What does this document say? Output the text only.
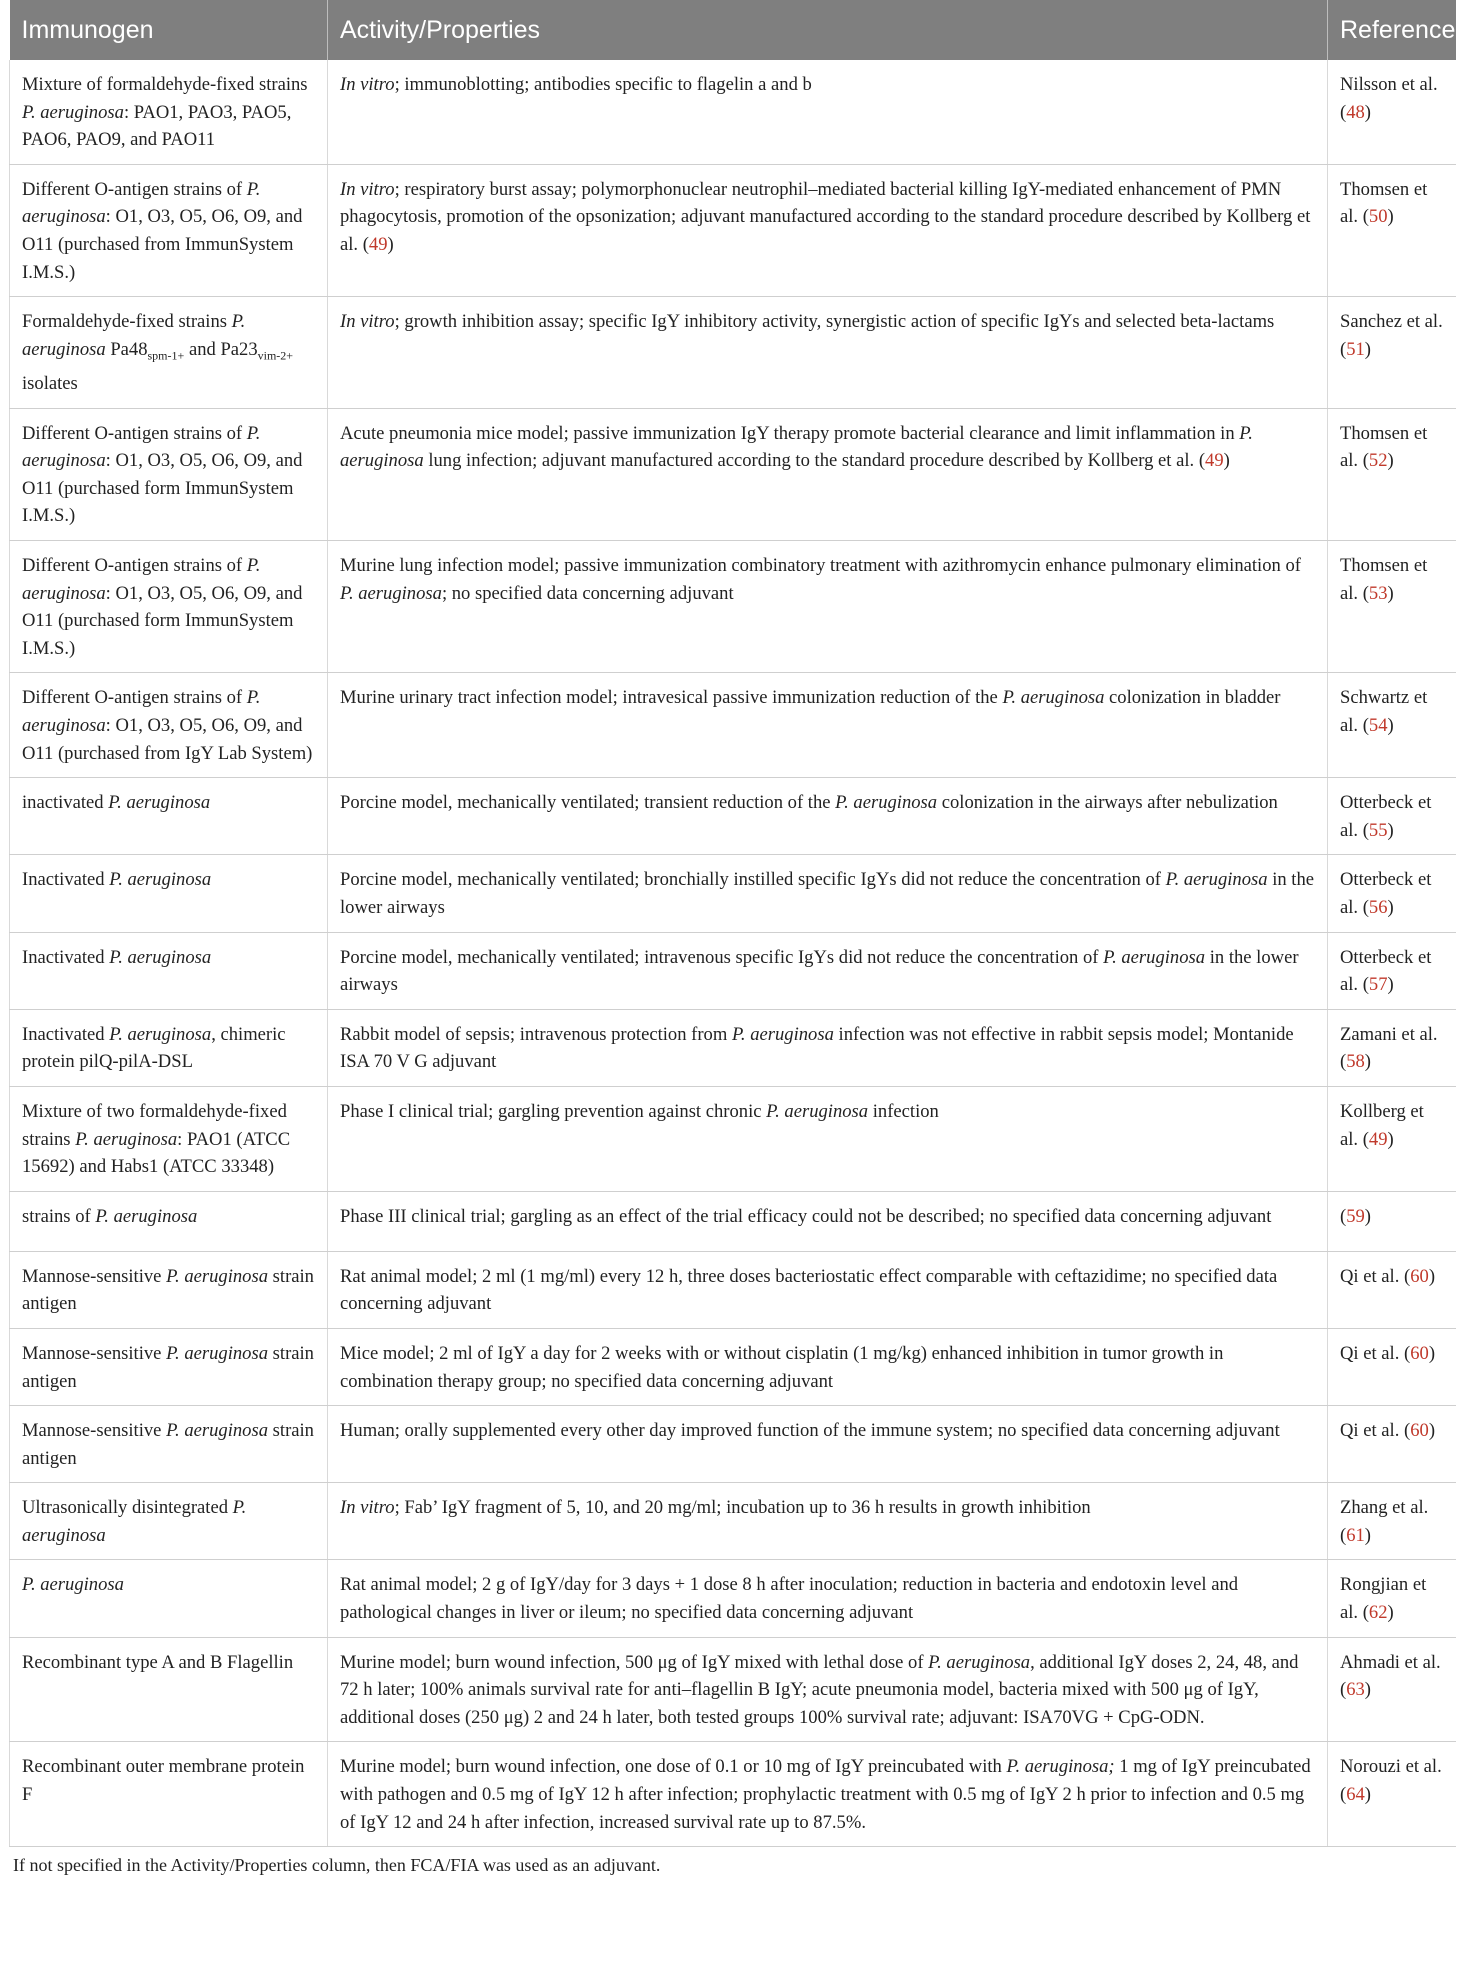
Immunogen	Activity/Properties	Reference
Mixture of formaldehyde-fixed strains P. aeruginosa: PAO1, PAO3, PAO5, PAO6, PAO9, and PAO11	In vitro; immunoblotting; antibodies specific to flagelin a and b	Nilsson et al. (48)
Different O-antigen strains of P. aeruginosa: O1, O3, O5, O6, O9, and O11 (purchased from ImmunSystem I.M.S.)	In vitro; respiratory burst assay; polymorphonuclear neutrophil–mediated bacterial killing IgY-mediated enhancement of PMN phagocytosis, promotion of the opsonization; adjuvant manufactured according to the standard procedure described by Kollberg et al. (49)	Thomsen et al. (50)
Formaldehyde-fixed strains P. aeruginosa $Pa48_{spm-1+}$ and $Pa23_{vim-2+}$ isolates	In vitro; growth inhibition assay; specific IgY inhibitory activity, synergistic action of specific IgYs and selected beta-lactams	Sanchez et al. (51)
Different O-antigen strains of P. aeruginosa: O1, O3, O5, O6, O9, and O11 (purchased form ImmunSystem I.M.S.)	Acute pneumonia mice model; passive immunization IgY therapy promote bacterial clearance and limit inflammation in P. aeruginosa lung infection; adjuvant manufactured according to the standard procedure described by Kollberg et al. (49)	Thomsen et al. (52)
Different O-antigen strains of P. aeruginosa: O1, O3, O5, O6, O9, and O11 (purchased form ImmunSystem I.M.S.)	Murine lung infection model; passive immunization combinatory treatment with azithromycin enhance pulmonary elimination of P. aeruginosa; no specified data concerning adjuvant	Thomsen et al. (53)
Different O-antigen strains of P. aeruginosa: O1, O3, O5, O6, O9, and O11 (purchased from IgY Lab System)	Murine urinary tract infection model; intravesical passive immunization reduction of the P. aeruginosa colonization in bladder	Schwartz et al. (54)
inactivated P. aeruginosa	Porcine model, mechanically ventilated; transient reduction of the P. aeruginosa colonization in the airways after nebulization	Otterbeck et al. (55)
Inactivated P. aeruginosa	Porcine model, mechanically ventilated; bronchially instilled specific IgYs did not reduce the concentration of P. aeruginosa in the lower airways	Otterbeck et al. (56)
Inactivated P. aeruginosa	Porcine model, mechanically ventilated; intravenous specific IgYs did not reduce the concentration of P. aeruginosa in the lower airways	Otterbeck et al. (57)
Inactivated P. aeruginosa, chimeric protein pilQ-pilA-DSL	Rabbit model of sepsis; intravenous protection from P. aeruginosa infection was not effective in rabbit sepsis model; Montanide ISA 70 V G adjuvant	Zamani et al. (58)
Mixture of two formaldehyde-fixed strains P. aeruginosa: PAO1 (ATCC 15692) and Habs1 (ATCC 33348)	Phase I clinical trial; gargling prevention against chronic P. aeruginosa infection	Kollberg et al. (49)
strains of P. aeruginosa	Phase III clinical trial; gargling as an effect of the trial efficacy could not be described; no specified data concerning adjuvant	(59)
Mannose-sensitive P. aeruginosa strain antigen	Rat animal model; 2 ml (1 mg/ml) every 12 h, three doses bacteriostatic effect comparable with ceftazidime; no specified data concerning adjuvant	Qi et al. (60)
Mannose-sensitive P. aeruginosa strain antigen	Mice model; 2 ml of IgY a day for 2 weeks with or without cisplatin (1 mg/kg) enhanced inhibition in tumor growth in combination therapy group; no specified data concerning adjuvant	Qi et al. (60)
Mannose-sensitive P. aeruginosa strain antigen	Human; orally supplemented every other day improved function of the immune system; no specified data concerning adjuvant	Qi et al. (60)
Ultrasonically disintegrated P. aeruginosa	In vitro; Fab’ IgY fragment of 5, 10, and 20 mg/ml; incubation up to 36 h results in growth inhibition	Zhang et al. (61)
P. aeruginosa	Rat animal model; 2 g of IgY/day for 3 days + 1 dose 8 h after inoculation; reduction in bacteria and endotoxin level and pathological changes in liver or ileum; no specified data concerning adjuvant	Rongjian et al. (62)
Recombinant type A and B Flagellin	Murine model; burn wound infection, 500 μg of IgY mixed with lethal dose of P. aeruginosa, additional IgY doses 2, 24, 48, and 72 h later; 100% animals survival rate for anti–flagellin B IgY; acute pneumonia model, bacteria mixed with 500 μg of IgY, additional doses (250 μg) 2 and 24 h later, both tested groups 100% survival rate; adjuvant: ISA70VG + CpG-ODN.	Ahmadi et al. (63)
Recombinant outer membrane protein F	Murine model; burn wound infection, one dose of 0.1 or 10 mg of IgY preincubated with P. aeruginosa; 1 mg of IgY preincubated with pathogen and 0.5 mg of IgY 12 h after infection; prophylactic treatment with 0.5 mg of IgY 2 h prior to infection and 0.5 mg of IgY 12 and 24 h after infection, increased survival rate up to 87.5%.	Norouzi et al. (64)
If not specified in the Activity/Properties column, then FCA/FIA was used as an adjuvant.
